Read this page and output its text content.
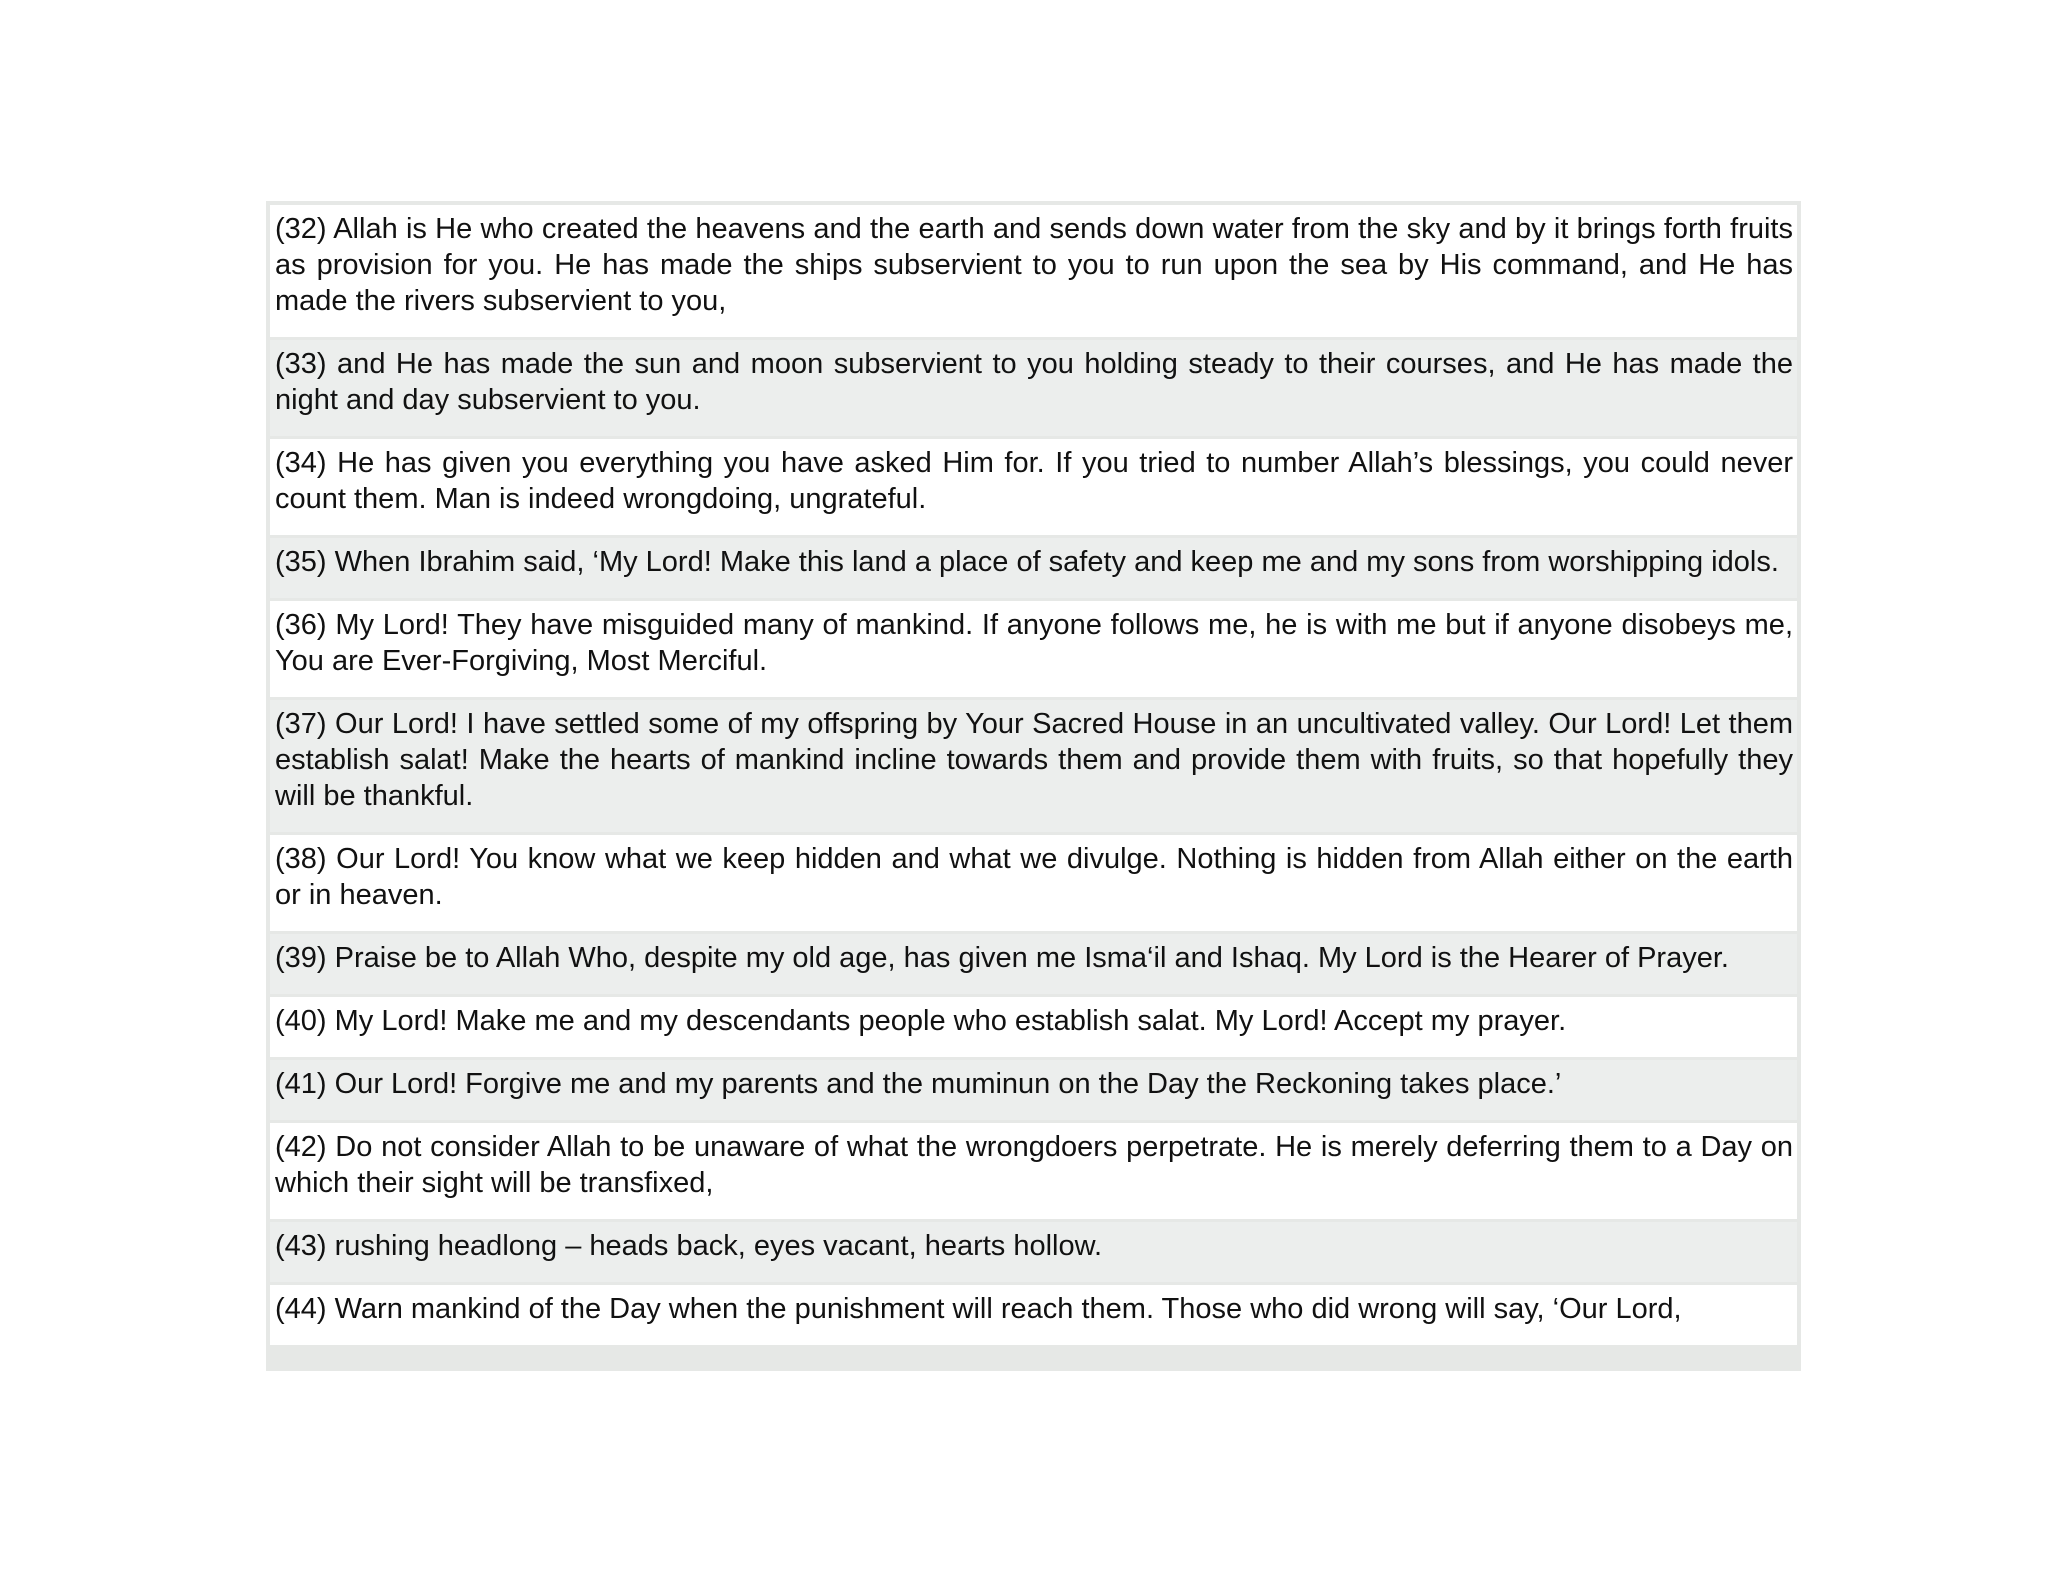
(32) Allah is He who created the heavens and the earth and sends down water from the sky and by it brings forth fruits as provision for you. He has made the ships subservient to you to run upon the sea by His command, and He has made the rivers subservient to you,
(33) and He has made the sun and moon subservient to you holding steady to their courses, and He has made the night and day subservient to you.
(34) He has given you everything you have asked Him for. If you tried to number Allah’s blessings, you could never count them. Man is indeed wrongdoing, ungrateful.
(35) When Ibrahim said, ‘My Lord! Make this land a place of safety and keep me and my sons from worshipping idols.
(36) My Lord! They have misguided many of mankind. If anyone follows me, he is with me but if anyone disobeys me, You are Ever-Forgiving, Most Merciful.
(37) Our Lord! I have settled some of my offspring by Your Sacred House in an uncultivated valley. Our Lord! Let them establish salat! Make the hearts of mankind incline towards them and provide them with fruits, so that hopefully they will be thankful.
(38) Our Lord! You know what we keep hidden and what we divulge. Nothing is hidden from Allah either on the earth or in heaven.
(39) Praise be to Allah Who, despite my old age, has given me Isma‘il and Ishaq. My Lord is the Hearer of Prayer.
(40) My Lord! Make me and my descendants people who establish salat. My Lord! Accept my prayer.
(41) Our Lord! Forgive me and my parents and the muminun on the Day the Reckoning takes place.’
(42) Do not consider Allah to be unaware of what the wrongdoers perpetrate. He is merely deferring them to a Day on which their sight will be transfixed,
(43) rushing headlong – heads back, eyes vacant, hearts hollow.
(44) Warn mankind of the Day when the punishment will reach them. Those who did wrong will say, ‘Our Lord,
